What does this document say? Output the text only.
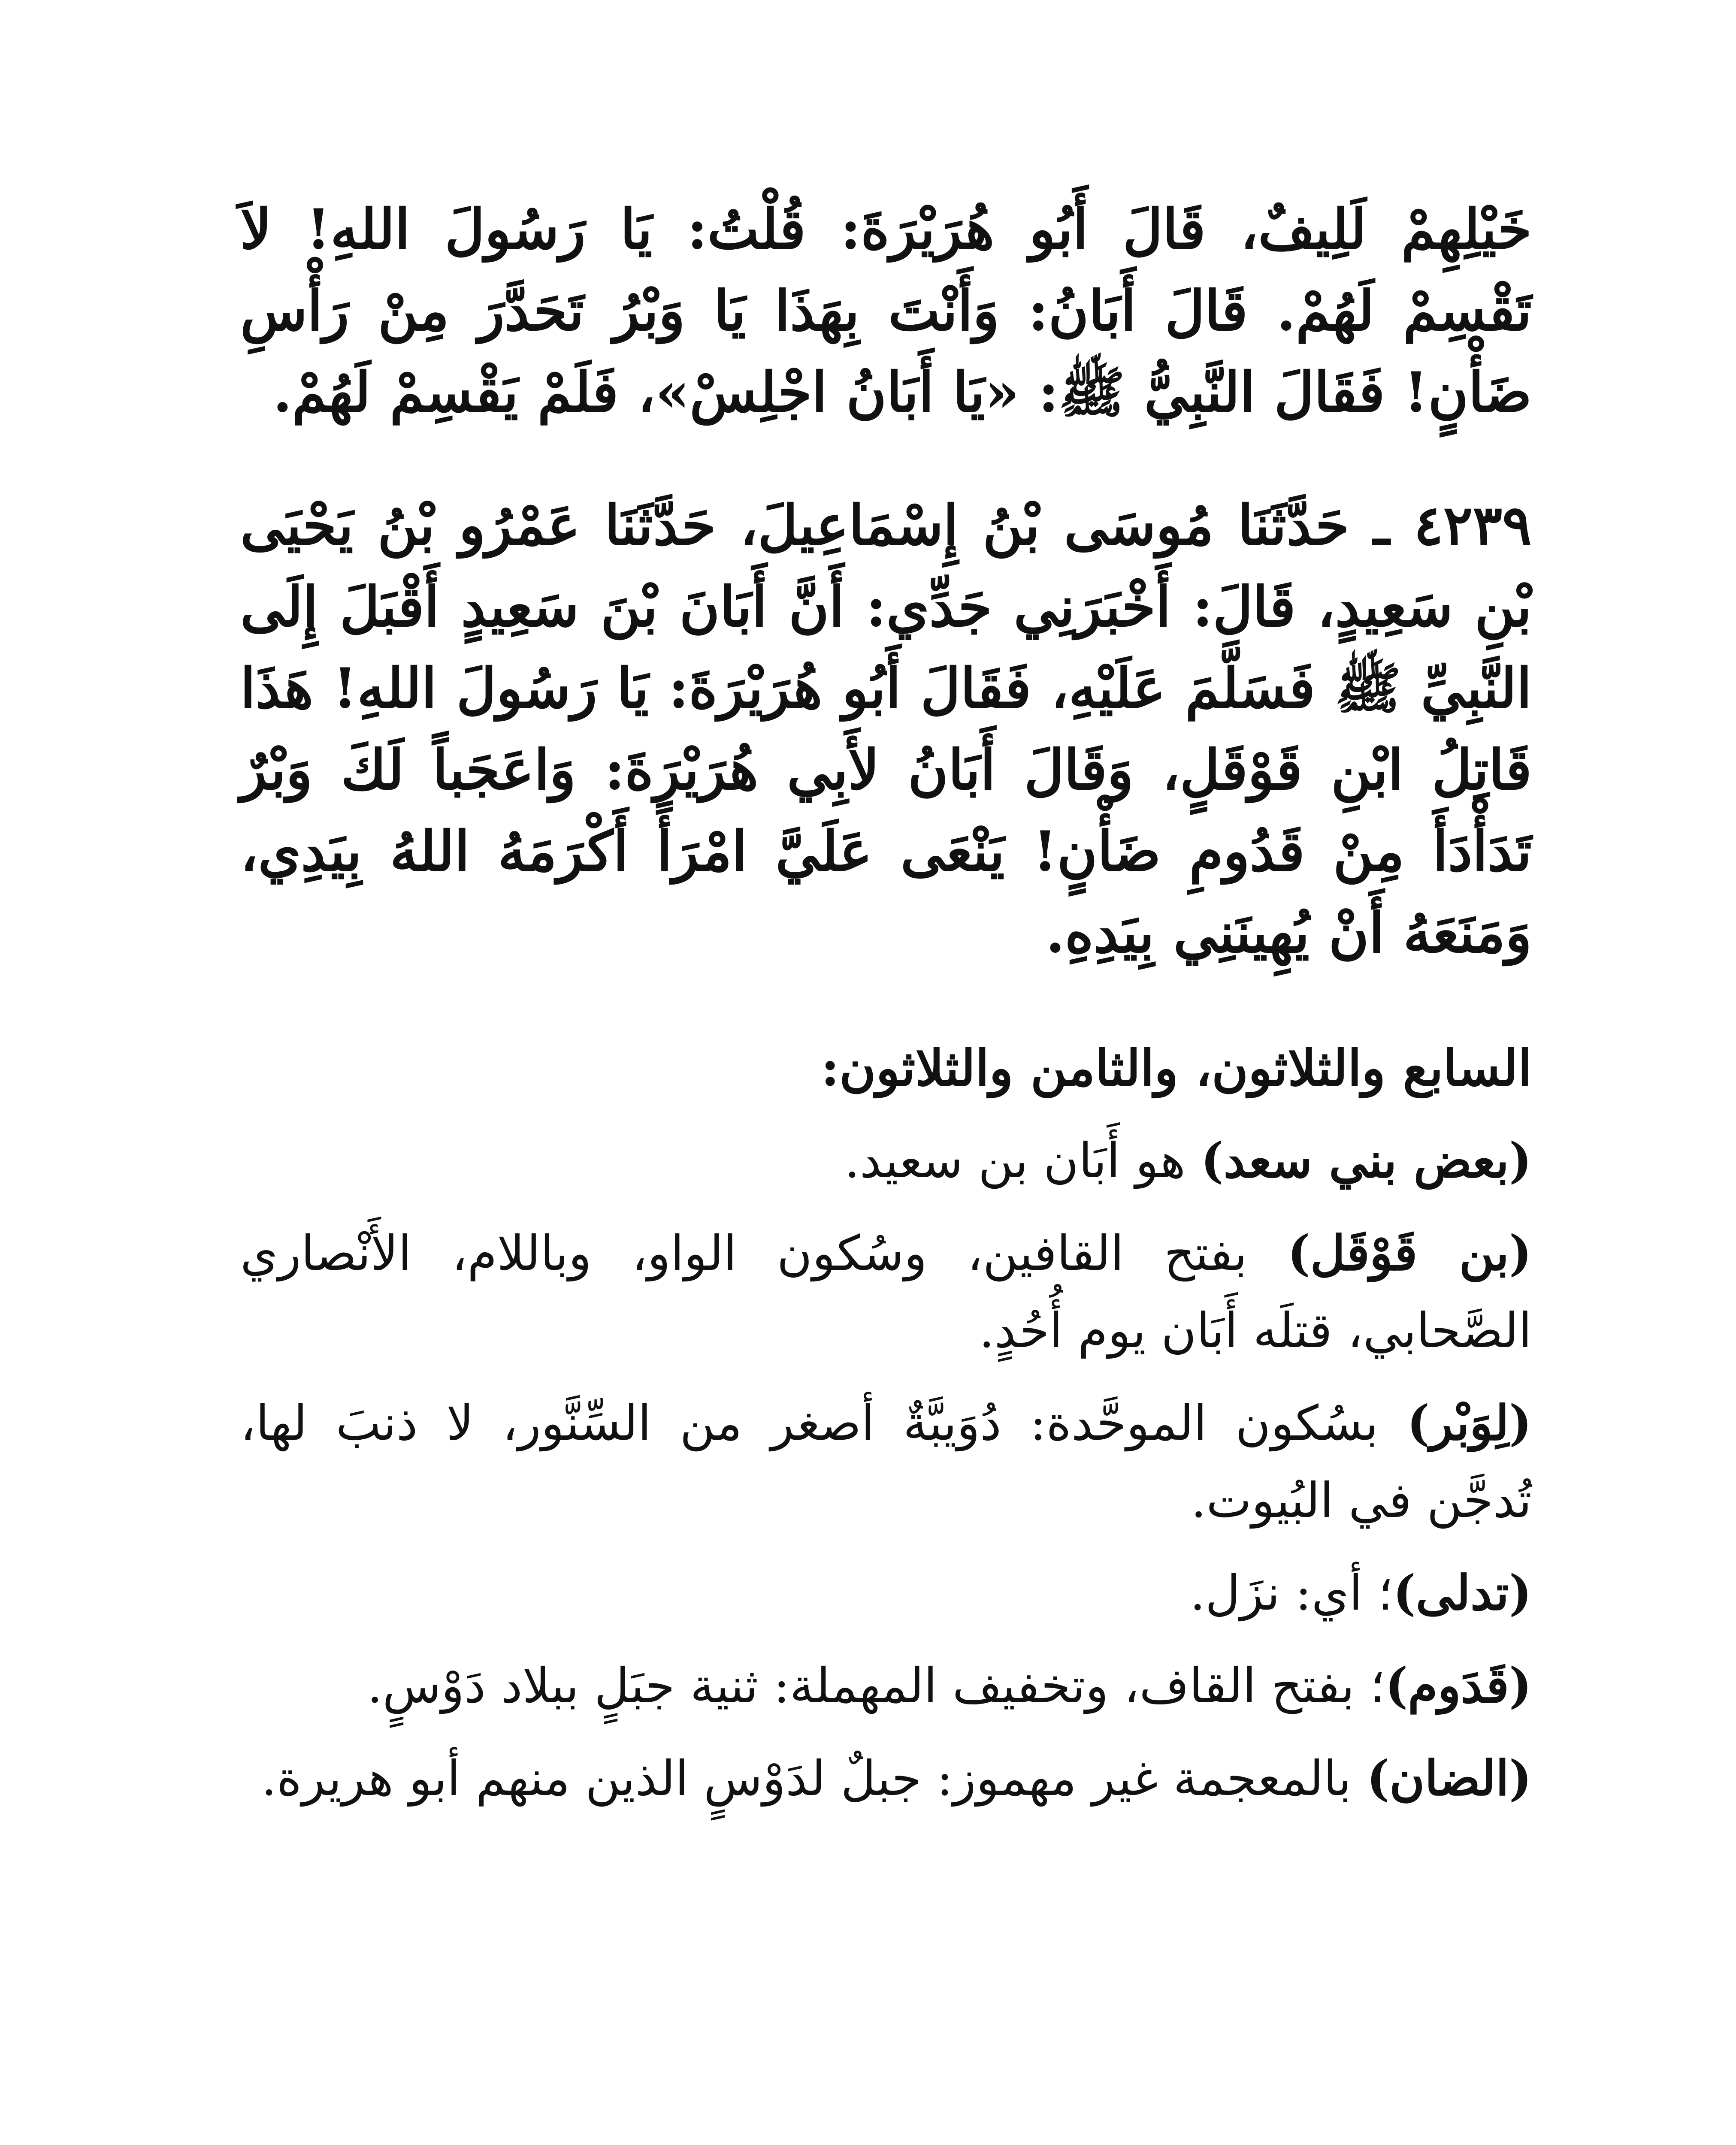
خَيْلِهِمْ لَلِيفٌ، قَالَ أَبُو هُرَيْرَةَ: قُلْتُ: يَا رَسُولَ اللهِ! لاَ تَقْسِمْ لَهُمْ. قَالَ أَبَانُ: وَأَنْتَ بِهَذَا يَا وَبْرُ تَحَدَّرَ مِنْ رَأْسِ ضَأْنٍ! فَقَالَ النَّبِيُّ ﷺ: «يَا أَبَانُ اجْلِسْ»، فَلَمْ يَقْسِمْ لَهُمْ.

٤٢٣٩ ـ حَدَّثَنَا مُوسَى بْنُ إِسْمَاعِيلَ، حَدَّثَنَا عَمْرُو بْنُ يَحْيَى بْنِ سَعِيدٍ، قَالَ: أَخْبَرَنِي جَدِّي: أَنَّ أَبَانَ بْنَ سَعِيدٍ أَقْبَلَ إِلَى النَّبِيِّ ﷺ فَسَلَّمَ عَلَيْهِ، فَقَالَ أَبُو هُرَيْرَةَ: يَا رَسُولَ اللهِ! هَذَا قَاتِلُ ابْنِ قَوْقَلٍ، وَقَالَ أَبَانُ لأَبِي هُرَيْرَةَ: وَاعَجَباً لَكَ وَبْرٌ تَدَأْدَأَ مِنْ قَدُومِ ضَأْنٍ! يَنْعَى عَلَيَّ امْرَأً أَكْرَمَهُ اللهُ بِيَدِي، وَمَنَعَهُ أَنْ يُهِينَنِي بِيَدِهِ.

السابع والثلاثون، والثامن والثلاثون:

(بعض بني سعد) هو أَبَان بن سعيد.

(بن قَوْقَل) بفتح القافين، وسُكون الواو، وباللام، الأَنْصاري الصَّحابي، قتلَه أَبَان يوم أُحُدٍ.

(لِوَبْر) بسُكون الموحَّدة: دُوَيبَّةٌ أصغر من السِّنَّور، لا ذنبَ لها، تُدجَّن في البُيوت.

(تدلى)؛ أي: نزَل.

(قَدَوم)؛ بفتح القاف، وتخفيف المهملة: ثنية جبَلٍ ببلاد دَوْسٍ.

(الضان) بالمعجمة غير مهموز: جبلٌ لدَوْسٍ الذين منهم أبو هريرة.
